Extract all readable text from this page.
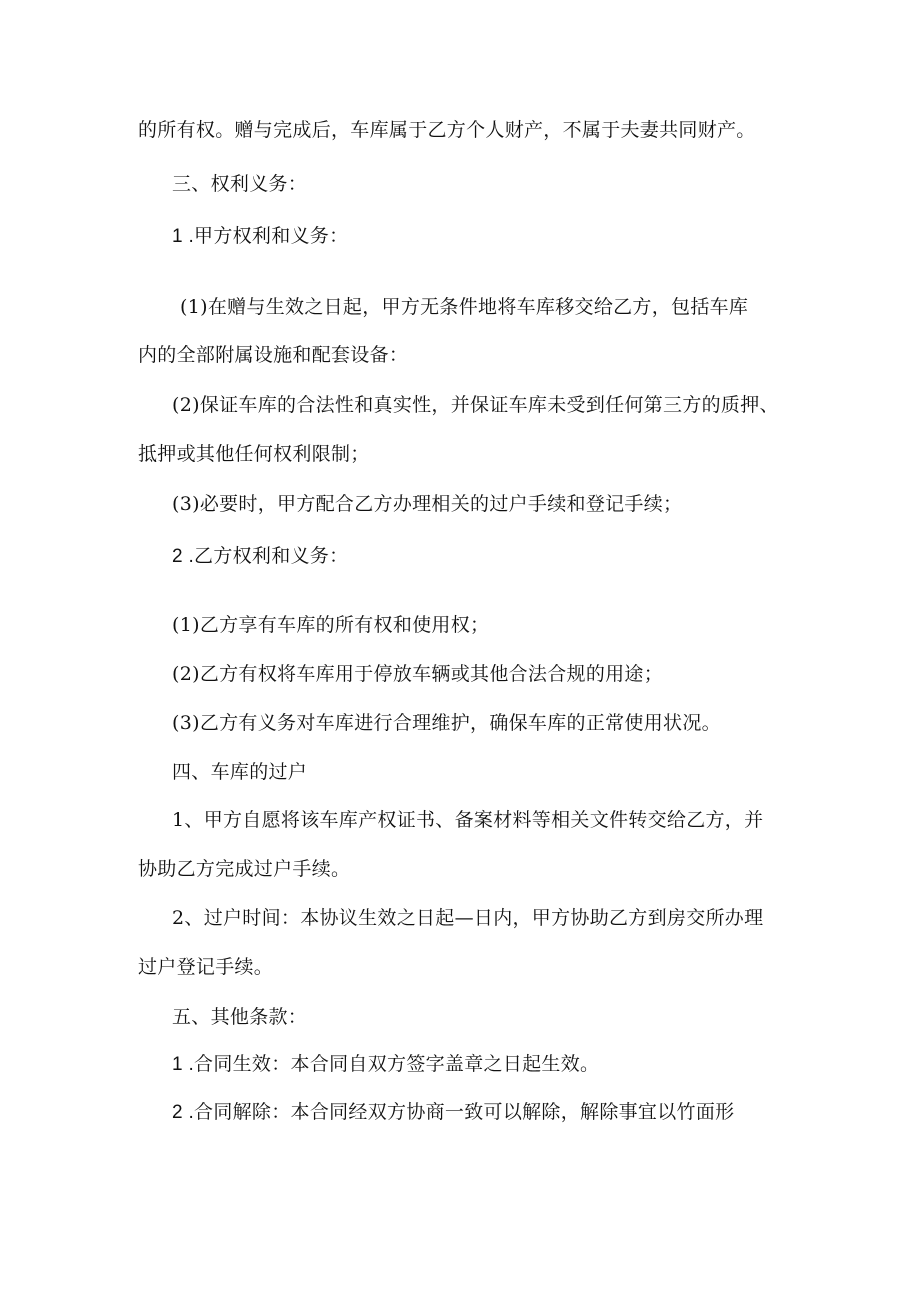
的所有权。赠与完成后，车库属于乙方个人财产，不属于夫妻共同财产。
三、权利义务：
1 .甲方权利和义务：
(1)在赠与生效之日起，甲方无条件地将车库移交给乙方，包括车库
内的全部附属设施和配套设备：
(2)保证车库的合法性和真实性，并保证车库未受到任何第三方的质押、
抵押或其他任何权利限制；
(3)必要时，甲方配合乙方办理相关的过户手续和登记手续；
2 .乙方权利和义务：
(1)乙方享有车库的所有权和使用权；
(2)乙方有权将车库用于停放车辆或其他合法合规的用途；
(3)乙方有义务对车库进行合理维护，确保车库的正常使用状况。
四、车库的过户
1、甲方自愿将该车库产权证书、备案材料等相关文件转交给乙方，并
协助乙方完成过户手续。
2、过户时间：本协议生效之日起—日内，甲方协助乙方到房交所办理
过户登记手续。
五、其他条款：
1 .合同生效：本合同自双方签字盖章之日起生效。
2 .合同解除：本合同经双方协商一致可以解除，解除事宜以竹面形
